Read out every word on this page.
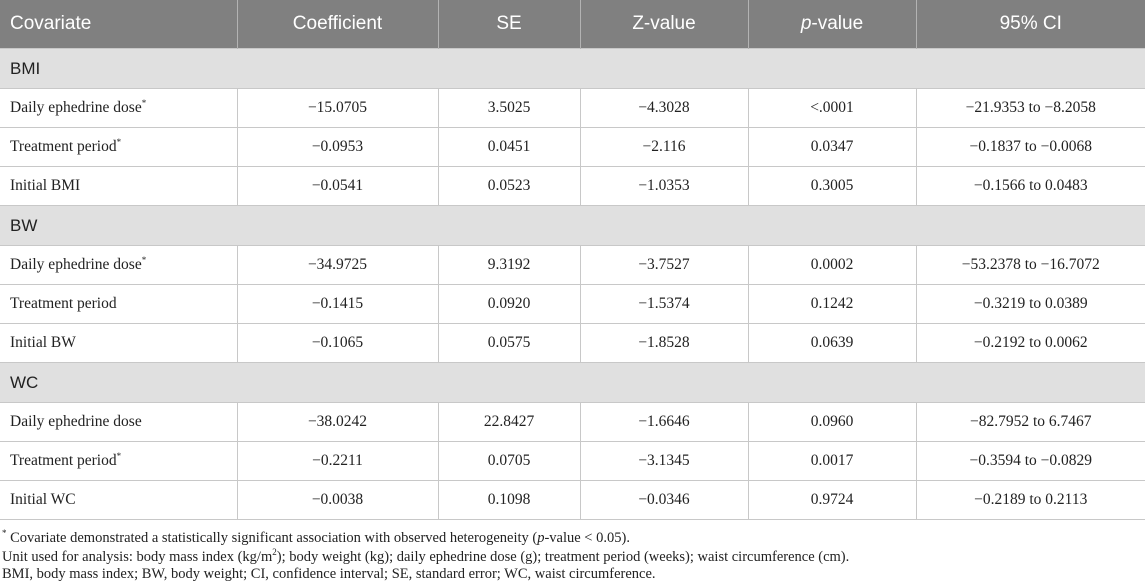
Covariate	Coefficient	SE	Z-value	p-value	95% CI
BMI					
Daily ephedrine dose*	−15.0705	3.5025	−4.3028	<.0001	−21.9353 to −8.2058
Treatment period*	−0.0953	0.0451	−2.116	0.0347	−0.1837 to −0.0068
Initial BMI	−0.0541	0.0523	−1.0353	0.3005	−0.1566 to 0.0483
BW					
Daily ephedrine dose*	−34.9725	9.3192	−3.7527	0.0002	−53.2378 to −16.7072
Treatment period	−0.1415	0.0920	−1.5374	0.1242	−0.3219 to 0.0389
Initial BW	−0.1065	0.0575	−1.8528	0.0639	−0.2192 to 0.0062
WC					
Daily ephedrine dose	−38.0242	22.8427	−1.6646	0.0960	−82.7952 to 6.7467
Treatment period*	−0.2211	0.0705	−3.1345	0.0017	−0.3594 to −0.0829
Initial WC	−0.0038	0.1098	−0.0346	0.9724	−0.2189 to 0.2113
* Covariate demonstrated a statistically significant association with observed heterogeneity (p-value < 0.05).
Unit used for analysis: body mass index $(kg/m^2)$; body weight (kg); daily ephedrine dose (g); treatment period (weeks); waist circumference (cm).
BMI, body mass index; BW, body weight; CI, confidence interval; SE, standard error; WC, waist circumference.
